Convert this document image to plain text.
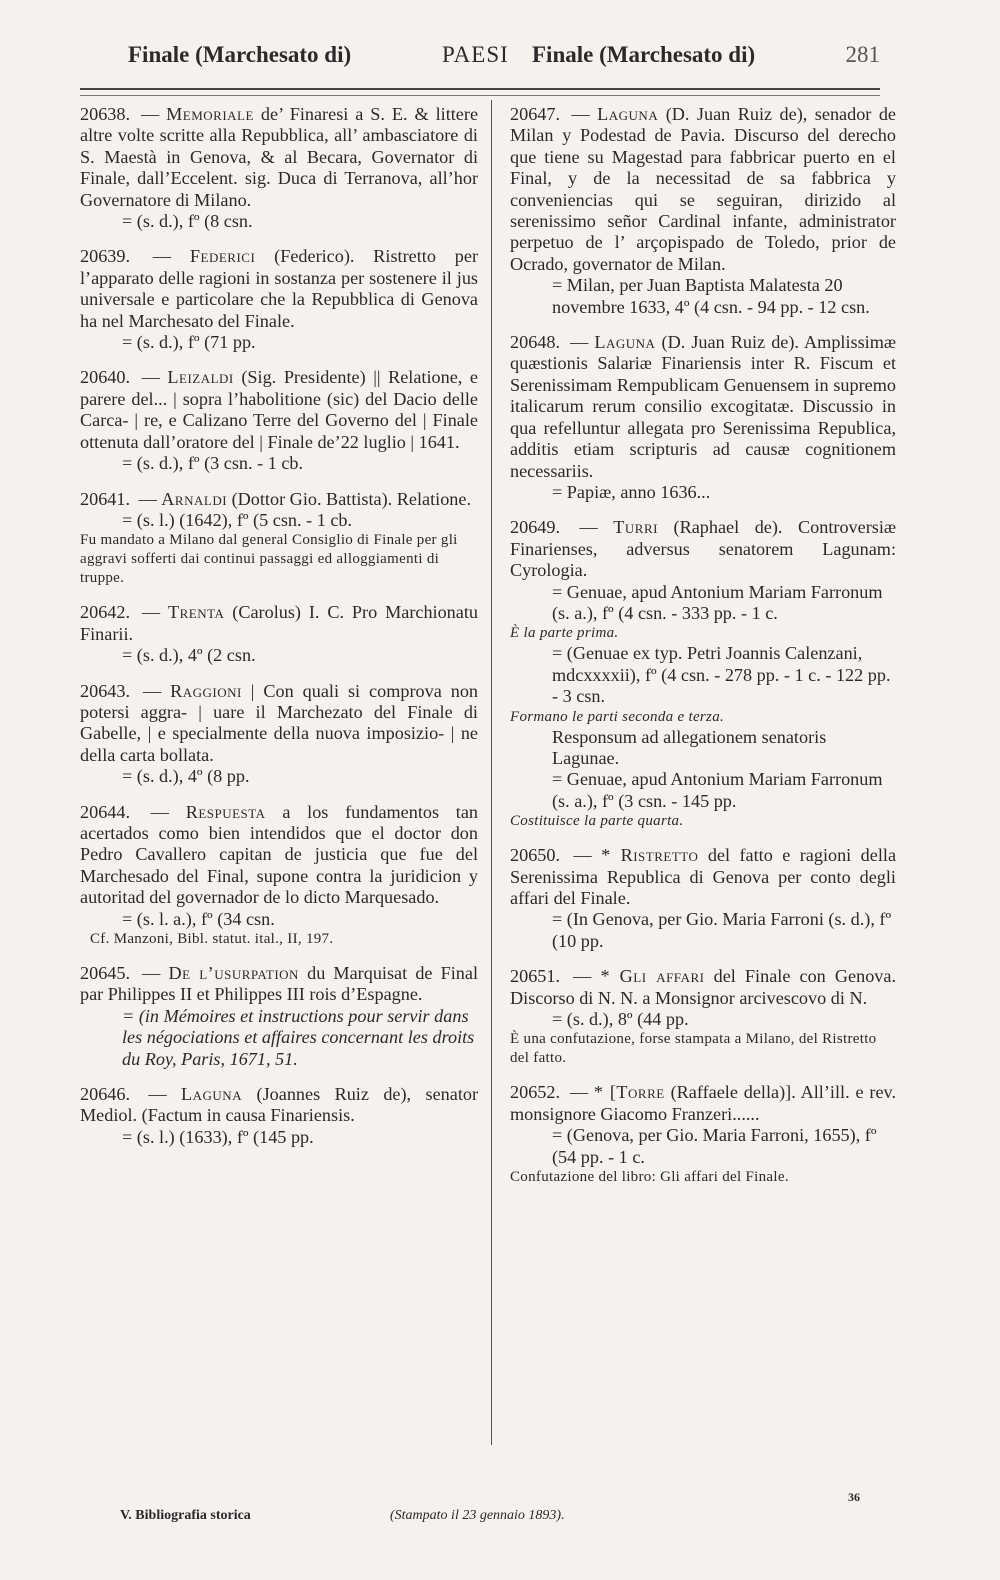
Finale (Marchesato di)	PAESI Finale (Marchesato di)	281

20638. — Memoriale de’ Finaresi a S. E. & littere altre volte scritte alla Repubblica, all’ ambasciatore di S. Maestà in Genova, & al Becara, Governator di Finale, dall’Eccelent. sig. Duca di Terranova, all’hor Governatore di Milano.

= (s. d.), fº (8 csn.

20639. — Federici (Federico). Ristretto per l’apparato delle ragioni in sostanza per sostenere il jus universale e particolare che la Repubblica di Genova ha nel Marchesato del Finale.

= (s. d.), fº (71 pp.

20640. — Leizaldi (Sig. Presidente) || Relatione, e parere del... | sopra l’habolitione (sic) del Dacio delle Carca- | re, e Calizano Terre del Governo del | Finale ottenuta dall’oratore del | Finale de’22 luglio | 1641.

= (s. d.), fº (3 csn. - 1 cb.

20641. — Arnaldi (Dottor Gio. Battista). Relatione.

= (s. l.) (1642), fº (5 csn. - 1 cb.

Fu mandato a Milano dal general Consiglio di Finale per gli aggravi sofferti dai continui passaggi ed alloggiamenti di truppe.

20642. — Trenta (Carolus) I. C. Pro Marchionatu Finarii.

= (s. d.), 4º (2 csn.

20643. — Raggioni | Con quali si comprova non potersi aggra- | uare il Marchezato del Finale di Gabelle, | e specialmente della nuova imposizio- | ne della carta bollata.

= (s. d.), 4º (8 pp.

20644. — Respuesta a los fundamentos tan acertados como bien intendidos que el doctor don Pedro Cavallero capitan de justicia que fue del Marchesado del Final, supone contra la juridicion y autoritad del governador de lo dicto Marquesado.

= (s. l. a.), fº (34 csn.

Cf. Manzoni, Bibl. statut. ital., II, 197.

20645. — De l’usurpation du Marquisat de Final par Philippes II et Philippes III rois d’Espagne.

= (in Mémoires et instructions pour servir dans les négociations et affaires concernant les droits du Roy, Paris, 1671, 51.

20646. — Laguna (Joannes Ruiz de), senator Mediol. (Factum in causa Finariensis.

= (s. l.) (1633), fº (145 pp.

20647. — Laguna (D. Juan Ruiz de), senador de Milan y Podestad de Pavia. Discurso del derecho que tiene su Magestad para fabbricar puerto en el Final, y de la necessitad de sa fabbrica y conveniencias qui se seguiran, dirizido al serenissimo señor Cardinal infante, administrator perpetuo de l’ arçopispado de Toledo, prior de Ocrado, governator de Milan.

= Milan, per Juan Baptista Malatesta 20 novembre 1633, 4º (4 csn. - 94 pp. - 12 csn.

20648. — Laguna (D. Juan Ruiz de). Amplissimæ quæstionis Salariæ Finariensis inter R. Fiscum et Serenissimam Rempublicam Genuensem in supremo italicarum rerum consilio excogitatæ. Discussio in qua refelluntur allegata pro Serenissima Republica, additis etiam scripturis ad causæ cognitionem necessariis.

= Papiæ, anno 1636...

20649. — Turri (Raphael de). Controversiæ Finarienses, adversus senatorem Lagunam: Cyrologia.

= Genuae, apud Antonium Mariam Farronum (s. a.), fº (4 csn. - 333 pp. - 1 c.

È la parte prima.

= (Genuae ex typ. Petri Joannis Calenzani, mdcxxxxii), fº (4 csn. - 278 pp. - 1 c. - 122 pp. - 3 csn.

Formano le parti seconda e terza.

Responsum ad allegationem senatoris Lagunae.

= Genuae, apud Antonium Mariam Farronum (s. a.), fº (3 csn. - 145 pp.

Costituisce la parte quarta.

20650. — * Ristretto del fatto e ragioni della Serenissima Republica di Genova per conto degli affari del Finale.

= (In Genova, per Gio. Maria Farroni (s. d.), fº (10 pp.

20651. — * Gli affari del Finale con Genova. Discorso di N. N. a Monsignor arcivescovo di N.

= (s. d.), 8º (44 pp.

È una confutazione, forse stampata a Milano, del Ristretto del fatto.

20652. — * [Torre (Raffaele della)]. All’ill. e rev. monsignore Giacomo Franzeri......

= (Genova, per Gio. Maria Farroni, 1655), fº (54 pp. - 1 c.

Confutazione del libro: Gli affari del Finale.

V. Bibliografia storica	(Stampato il 23 gennaio 1893).
36
